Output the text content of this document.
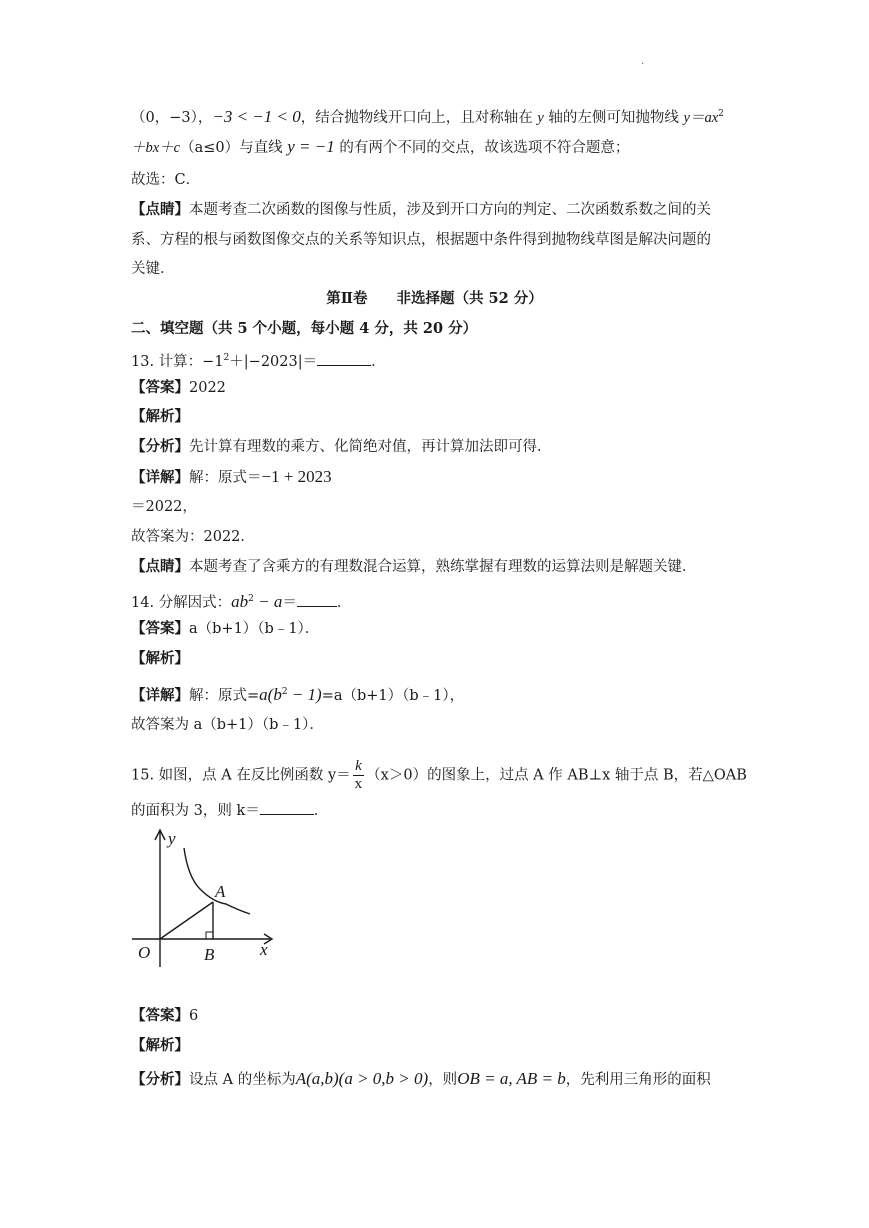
.
（0，−3），−3 < −1 < 0，结合抛物线开口向上，且对称轴在 y 轴的左侧可知抛物线 $y=ax^2$
＋bx＋c（a≤0）与直线 y = −1 的有两个不同的交点，故该选项不符合题意；
故选：C．
【点睛】本题考查二次函数的图像与性质，涉及到开口方向的判定、二次函数系数之间的关
系、方程的根与函数图像交点的关系等知识点，根据题中条件得到抛物线草图是解决问题的
关键．
第Ⅱ卷　　非选择题（共 52 分）
二、填空题（共 5 个小题，每小题 4 分，共 20 分）
13. 计算：$-1^2+|-2023|=$	．
【答案】2022
【解析】
【分析】先计算有理数的乘方、化简绝对值，再计算加法即可得．
【详解】解：原式＝−1 + 2023
＝2022，
故答案为：2022．
【点睛】本题考查了含乘方的有理数混合运算，熟练掌握有理数的运算法则是解题关键．
14. 分解因式：$ab^2 - a=$	．
【答案】a（b+1）（b﹣1）．
【解析】
【详解】解：原式$=a(b^2$ − 1)=a（b+1）（b﹣1），
故答案为 a（b+1）（b﹣1）．
15. 如图，点 A 在反比例函数 $y= \frac{k}{x} (x>0)$的图象上，过点 A 作 AB⊥x 轴于点 B，若△OAB
的面积为 3，则 k＝	．
y
x
O
A
B
【答案】6
【解析】
【分析】设点 A 的坐标为A(a,b)(a > 0,b > 0)，则OB = a, AB = b，先利用三角形的面积
